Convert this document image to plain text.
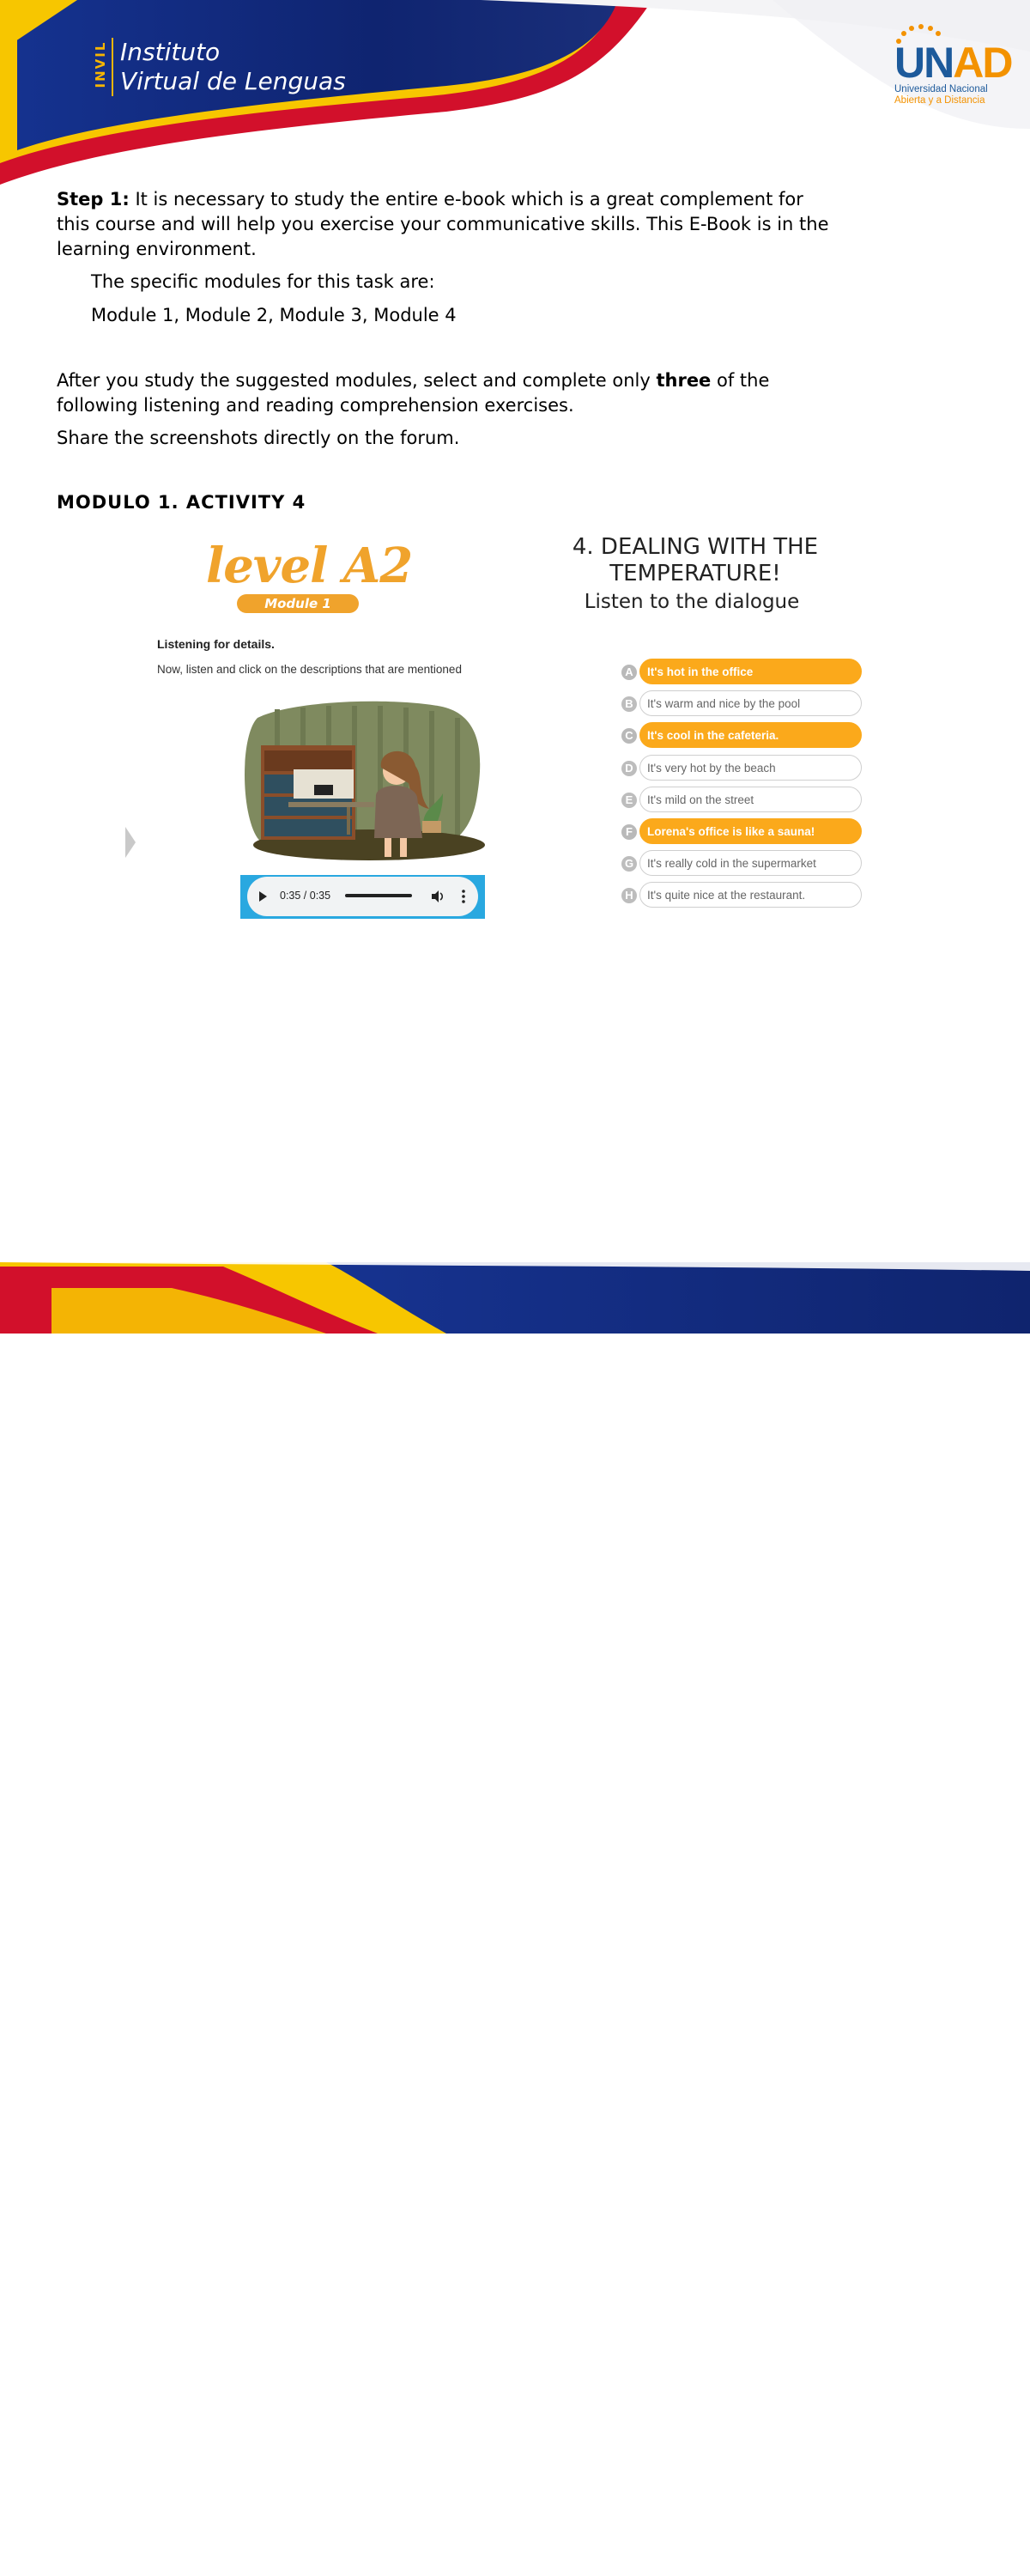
INVIL Instituto
Virtual de Lenguas	UNAD
Universidad Nacional
Abierta y a Distancia
Step 1: It is necessary to study the entire e-book which is a great complement for this course and will help you exercise your communicative skills. This E-Book is in the learning environment.
The specific modules for this task are:
Module 1, Module 2, Module 3, Module 4
After you study the suggested modules, select and complete only three of the following listening and reading comprehension exercises.
Share the screenshots directly on the forum.
MODULO 1. ACTIVITY 4
level A2
Module 1
Listening for details.
Now, listen and click on the descriptions that are mentioned
0:35 / 0:35
4. DEALING WITH THE TEMPERATURE!
Listen to the dialogue
A	It's hot in the office
B	It's warm and nice by the pool
C	It's cool in the cafeteria.
D	It's very hot by the beach
E	It's mild on the street
F	Lorena's office is like a sauna!
G	It's really cold in the supermarket
H	It's quite nice at the restaurant.
Prohibida su reproducción y copia sin autorización de la UNAD // UNAD © 2020 derechos reservados.
